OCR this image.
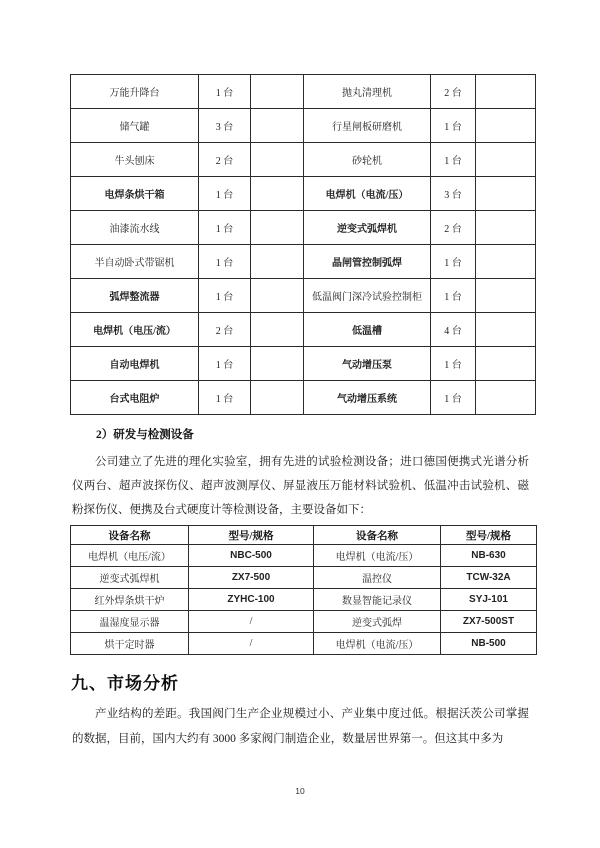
万能升降台	1 台		抛丸清理机	2 台	
储气罐	3 台		行星闸板研磨机	1 台	
牛头刨床	2 台		砂轮机	1 台	
电焊条烘干箱	1 台		电焊机（电流/压）	3 台	
油漆流水线	1 台		逆变式弧焊机	2 台	
半自动卧式带锯机	1 台		晶闸管控制弧焊	1 台	
弧焊整流器	1 台		低温阀门深冷试验控制柜	1 台	
电焊机（电压/流）	2 台		低温槽	4 台	
自动电焊机	1 台		气动增压泵	1 台	
台式电阻炉	1 台		气动增压系统	1 台	
2）研发与检测设备

公司建立了先进的理化实验室，拥有先进的试验检测设备；进口德国便携式光谱分析仪两台、超声波探伤仪、超声波测厚仪、屏显液压万能材料试验机、低温冲击试验机、磁粉探伤仪、便携及台式硬度计等检测设备，主要设备如下：

设备名称	型号/规格	设备名称	型号/规格
电焊机（电压/流）	NBC-500	电焊机（电流/压）	NB-630
逆变式弧焊机	ZX7-500	温控仪	TCW-32A
红外焊条烘干炉	ZYHC-100	数显智能记录仪	SYJ-101
温湿度显示器	/	逆变式弧焊	ZX7-500ST
烘干定时器	/	电焊机（电流/压）	NB-500
九、市场分析

产业结构的差距。我国阀门生产企业规模过小、产业集中度过低。根据沃茨公司掌握的数据，目前，国内大约有 3000 多家阀门制造企业，数量居世界第一。但这其中多为

10
